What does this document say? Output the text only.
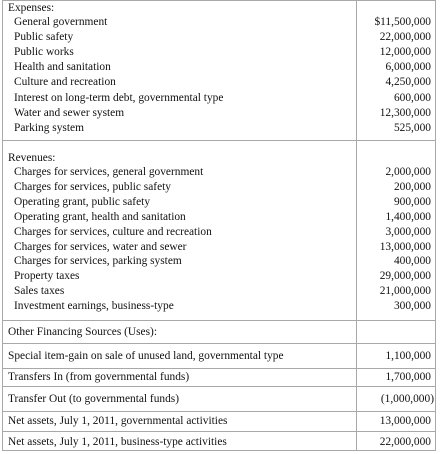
Expenses:
General government	$11,500,000
Public safety	22,000,000
Public works	12,000,000
Health and sanitation	6,000,000
Culture and recreation	4,250,000
Interest on long-term debt, governmental type	600,000
Water and sewer system	12,300,000
Parking system	525,000
Revenues:
Charges for services, general government	2,000,000
Charges for services, public safety	200,000
Operating grant, public safety	900,000
Operating grant, health and sanitation	1,400,000
Charges for services, culture and recreation	3,000,000
Charges for services, water and sewer	13,000,000
Charges for services, parking system	400,000
Property taxes	29,000,000
Sales taxes	21,000,000
Investment earnings, business-type	300,000
Other Financing Sources (Uses):
Special item-gain on sale of unused land, governmental type	1,100,000
Transfers In (from governmental funds)	1,700,000
Transfer Out (to governmental funds)	(1,000,000)
Net assets, July 1, 2011, governmental activities	13,000,000
Net assets, July 1, 2011, business-type activities	22,000,000
